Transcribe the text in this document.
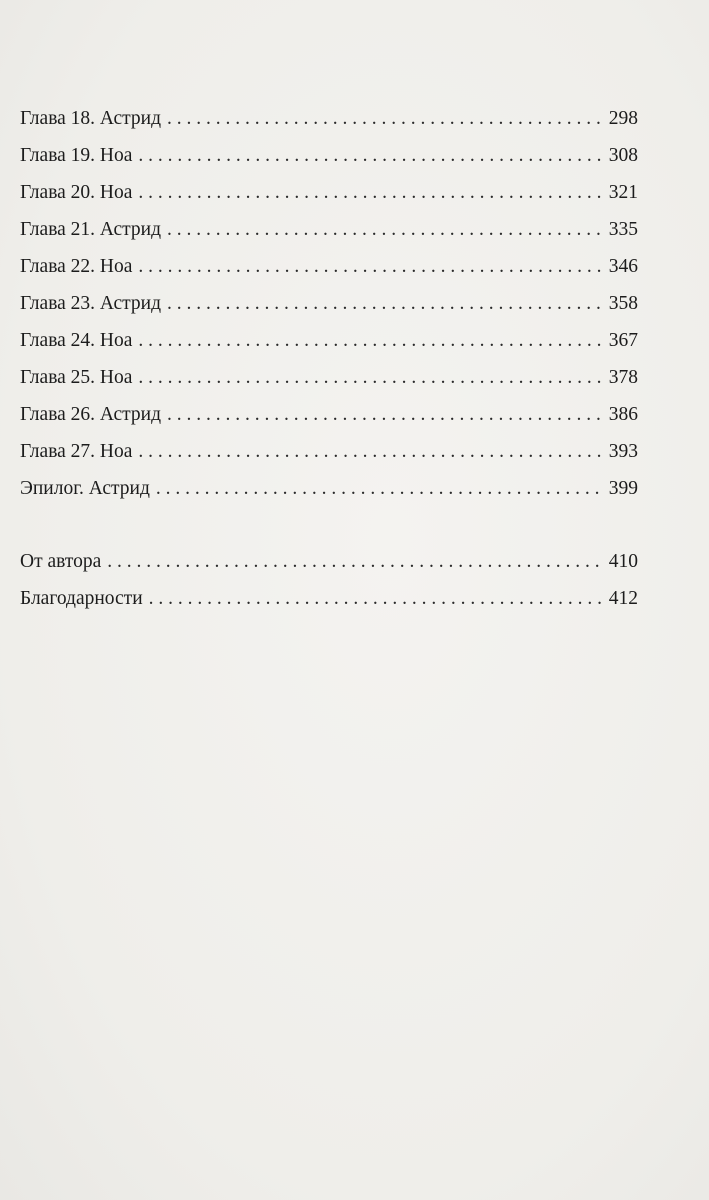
Глава 18. Астрид . . .	298
Глава 19. Ноа . . .	308
Глава 20. Ноа . . .	321
Глава 21. Астрид . . .	335
Глава 22. Ноа . . .	346
Глава 23. Астрид . . .	358
Глава 24. Ноа . . .	367
Глава 25. Ноа . . .	378
Глава 26. Астрид . . .	386
Глава 27. Ноа . . .	393
Эпилог. Астрид . . .	399
От автора . . .	410
Благодарности . . .	412
